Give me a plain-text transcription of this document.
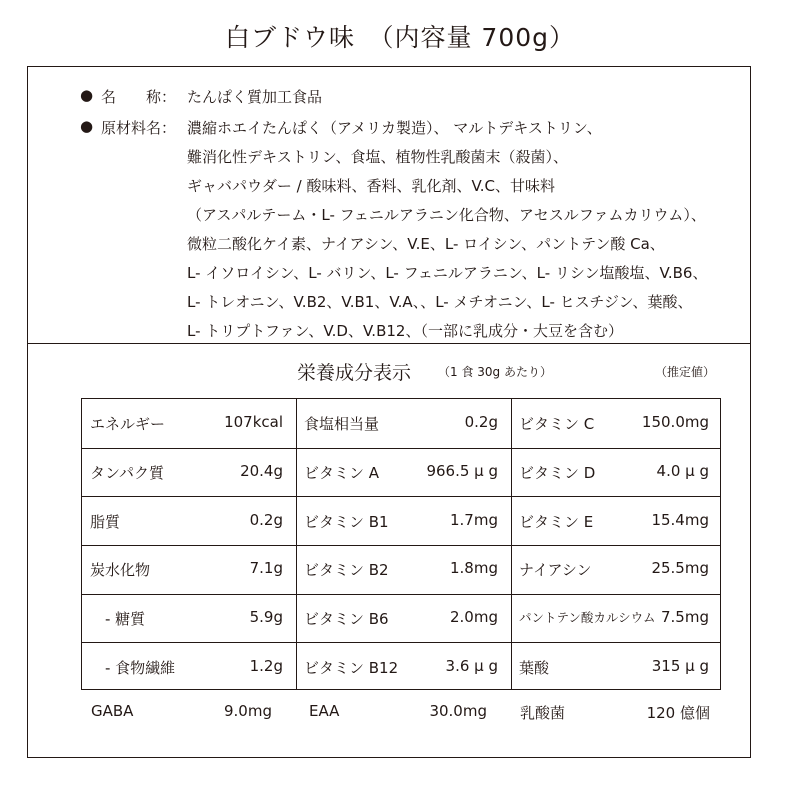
白ブドウ味　（内容量 700g）
● 名　　称： たんぱく質加工食品
● 原材料名： 濃縮ホエイたんぱく（アメリカ製造）、 マルトデキストリン、
難消化性デキストリン、食塩、植物性乳酸菌末（殺菌）、
ギャバパウダー / 酸味料、香料、乳化剤、V.C、甘味料
（アスパルテーム・L- フェニルアラニン化合物、アセスルファムカリウム）、
微粒二酸化ケイ素、ナイアシン、V.E、L- ロイシン、パントテン酸 Ca、
L- イソロイシン、L- バリン、L- フェニルアラニン、L- リシン塩酸塩、V.B6、
L- トレオニン、V.B2、V.B1、V.A、、L- メチオニン、L- ヒスチジン、葉酸、
L- トリプトファン、V.D、V.B12、（一部に乳成分・大豆を含む）
栄養成分表示 （1 食 30g あたり）	（推定値）
エネルギー	107kcal 食塩相当量	0.2g ビタミン C	150.0mg
タンパク質	20.4g ビタミン A	966.5 μ g ビタミン D	4.0 μ g
脂質	0.2g ビタミン B1	1.7mg ビタミン E	15.4mg
炭水化物	7.1g ビタミン B2	1.8mg ナイアシン	25.5mg
　- 糖質	5.9g ビタミン B6	2.0mg パントテン酸カルシウム 7.5mg
　- 食物繊維	1.2g ビタミン B12	3.6 μ g 葉酸	315 μ g
GABA	9.0mg EAA	30.0mg 乳酸菌	120 億個
